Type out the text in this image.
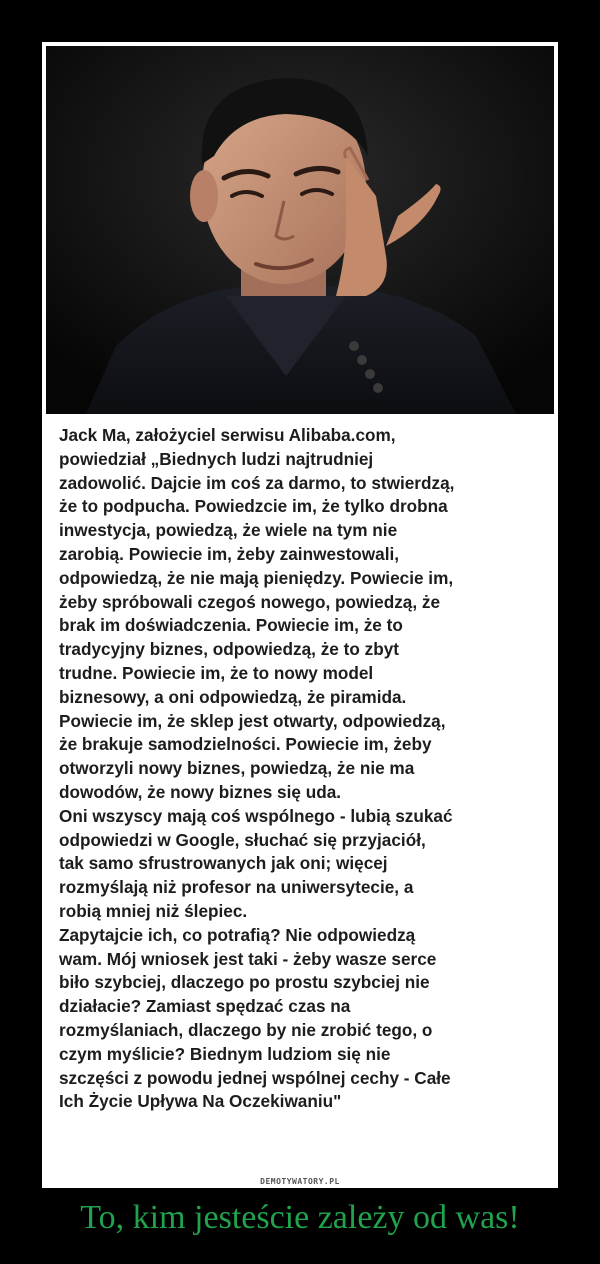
Jack Ma, założyciel serwisu Alibaba.com,
powiedział „Biednych ludzi najtrudniej
zadowolić. Dajcie im coś za darmo, to stwierdzą,
że to podpucha. Powiedzcie im, że tylko drobna
inwestycja, powiedzą, że wiele na tym nie
zarobią. Powiecie im, żeby zainwestowali,
odpowiedzą, że nie mają pieniędzy. Powiecie im,
żeby spróbowali czegoś nowego, powiedzą, że
brak im doświadczenia. Powiecie im, że to
tradycyjny biznes, odpowiedzą, że to zbyt
trudne. Powiecie im, że to nowy model
biznesowy, a oni odpowiedzą, że piramida.
Powiecie im, że sklep jest otwarty, odpowiedzą,
że brakuje samodzielności. Powiecie im, żeby
otworzyli nowy biznes, powiedzą, że nie ma
dowodów, że nowy biznes się uda.
Oni wszyscy mają coś wspólnego - lubią szukać
odpowiedzi w Google, słuchać się przyjaciół,
tak samo sfrustrowanych jak oni; więcej
rozmyślają niż profesor na uniwersytecie, a
robią mniej niż ślepiec.
Zapytajcie ich, co potrafią? Nie odpowiedzą
wam. Mój wniosek jest taki - żeby wasze serce
biło szybciej, dlaczego po prostu szybciej nie
działacie? Zamiast spędzać czas na
rozmyślaniach, dlaczego by nie zrobić tego, o
czym myślicie? Biednym ludziom się nie
szczęści z powodu jednej wspólnej cechy - Całe
Ich Życie Upływa Na Oczekiwaniu"

DEMOTYWATORY.PL
To, kim jesteście zależy od was!
